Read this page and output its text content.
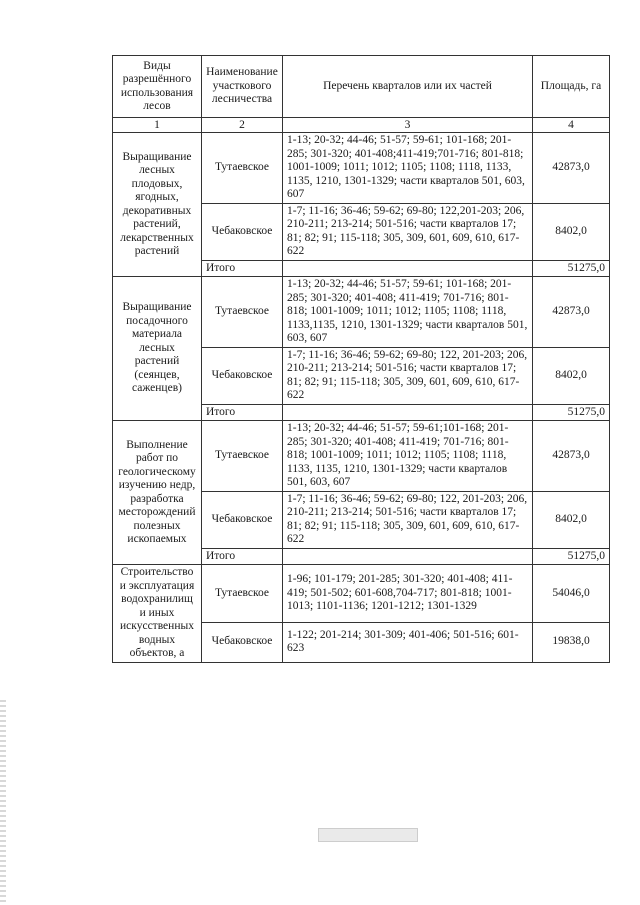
Виды разрешённого использования лесов	Наименование участкового лесничества	Перечень кварталов или их частей	Площадь, га
1	2	3	4
Выращивание лесных плодовых, ягодных, декоративных растений, лекарственных растений	Тутаевское	1-13; 20-32; 44-46; 51-57; 59-61; 101-168; 201-285; 301-320; 401-408;411-419;701-716; 801-818; 1001-1009; 1011; 1012; 1105; 1108; 1118, 1133, 1135, 1210, 1301-1329; части кварталов 501, 603, 607	42873,0
	Чебаковское	1-7; 11-16; 36-46; 59-62; 69-80; 122,201-203; 206, 210-211; 213-214; 501-516; части кварталов 17; 81; 82; 91; 115-118; 305, 309, 601, 609, 610, 617-622	8402,0
	Итого		51275,0
Выращивание посадочного материала лесных растений (сеянцев, саженцев)	Тутаевское	1-13; 20-32; 44-46; 51-57; 59-61; 101-168; 201-285; 301-320; 401-408; 411-419; 701-716; 801-818; 1001-1009; 1011; 1012; 1105; 1108; 1118, 1133,1135, 1210, 1301-1329; части кварталов 501, 603, 607	42873,0
	Чебаковское	1-7; 11-16; 36-46; 59-62; 69-80; 122, 201-203; 206, 210-211; 213-214; 501-516; части кварталов 17; 81; 82; 91; 115-118; 305, 309, 601, 609, 610, 617-622	8402,0
	Итого		51275,0
Выполнение работ по геологическому изучению недр, разработка месторождений полезных ископаемых	Тутаевское	1-13; 20-32; 44-46; 51-57; 59-61;101-168; 201-285; 301-320; 401-408; 411-419; 701-716; 801-818; 1001-1009; 1011; 1012; 1105; 1108; 1118, 1133, 1135, 1210, 1301-1329; части кварталов 501, 603, 607	42873,0
	Чебаковское	1-7; 11-16; 36-46; 59-62; 69-80; 122, 201-203; 206, 210-211; 213-214; 501-516; части кварталов 17; 81; 82; 91; 115-118; 305, 309, 601, 609, 610, 617-622	8402,0
	Итого		51275,0
Строительство и эксплуатация водохранилищ и иных искусственных водных объектов, а	Тутаевское	1-96; 101-179; 201-285; 301-320; 401-408; 411-419; 501-502; 601-608,704-717; 801-818; 1001-1013; 1101-1136; 1201-1212; 1301-1329	54046,0
	Чебаковское	1-122; 201-214; 301-309; 401-406; 501-516; 601-623	19838,0
